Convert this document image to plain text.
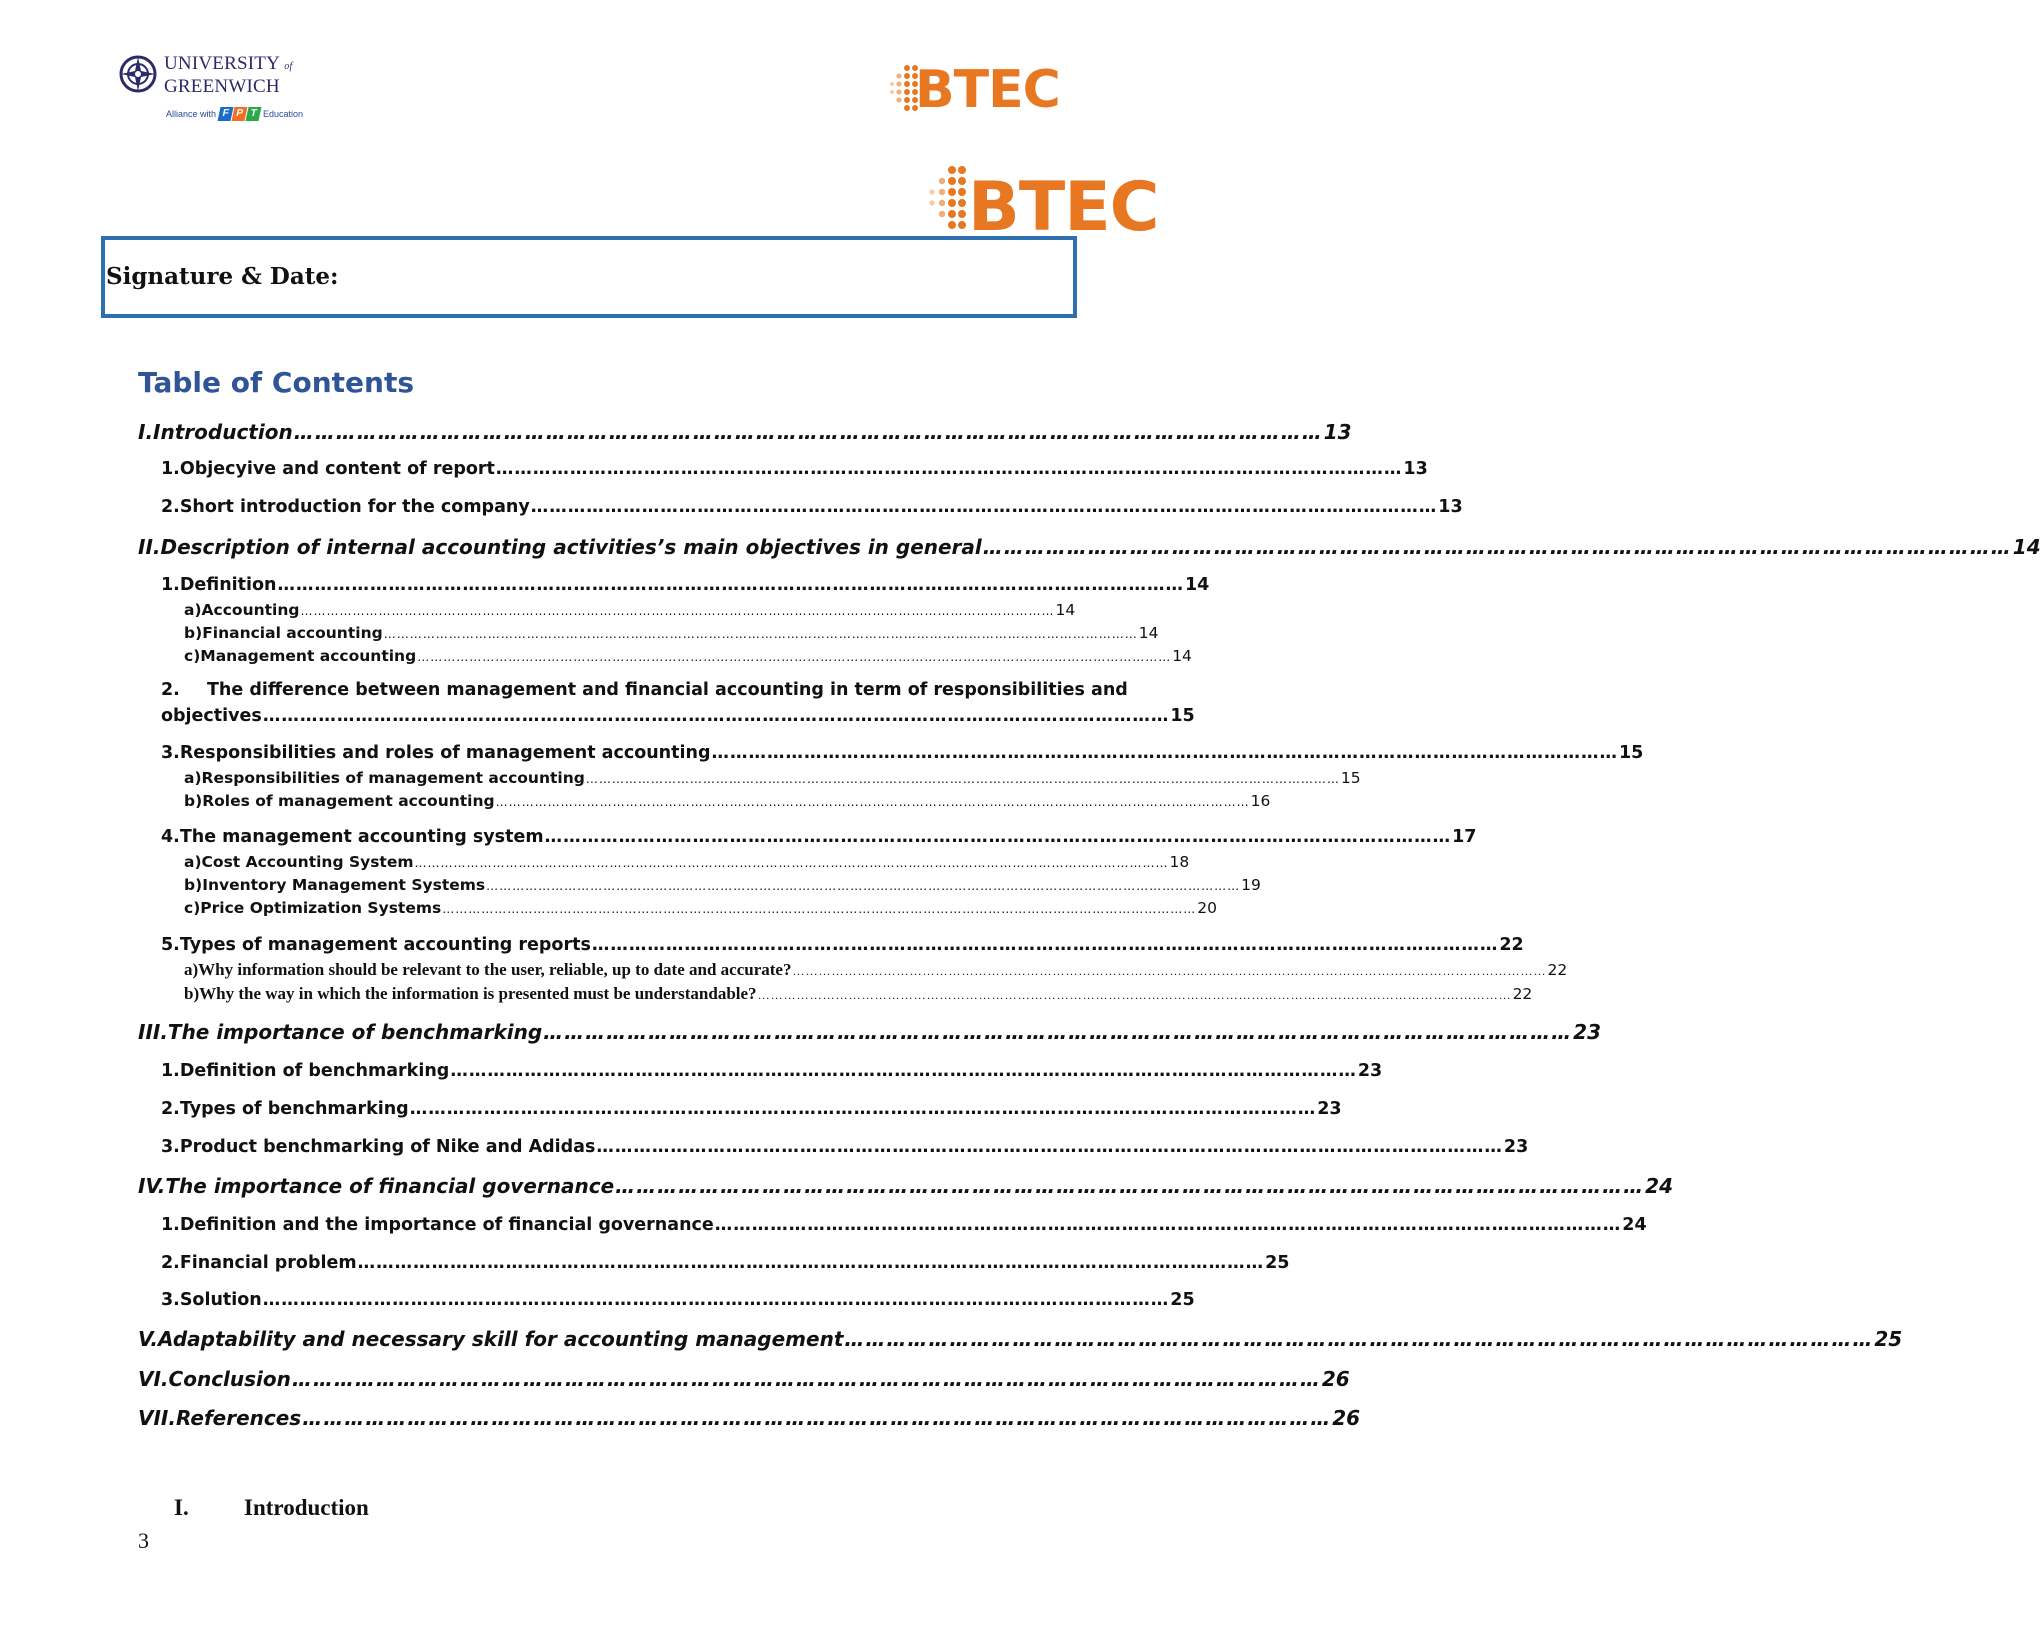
UNIVERSITY of
GREENWICH
Alliance with F P T Education	BTEC
BTEC
Signature & Date:
Table of Contents
I. Introduction ………………………………………………………………………………………………………………………………… 13
1. Objecyive and content of report ………………………………………………………………………………………………………………………………… 13
2. Short introduction for the company ………………………………………………………………………………………………………………………………… 13
II. Description of internal accounting activities’s main objectives in general ………………………………………………………………………………………………………………………………… 14
1. Definition ………………………………………………………………………………………………………………………………… 14
a) Accounting ………………………………………………………………………………………………………………………………………………………… 14
b) Financial accounting ………………………………………………………………………………………………………………………………………………………… 14
c) Management accounting ………………………………………………………………………………………………………………………………………………………… 14
2. The difference between management and financial accounting in term of responsibilities and
objectives ………………………………………………………………………………………………………………………………… 15
3. Responsibilities and roles of management accounting ………………………………………………………………………………………………………………………………… 15
a) Responsibilities of management accounting ………………………………………………………………………………………………………………………………………………………… 15
b) Roles of management accounting ………………………………………………………………………………………………………………………………………………………… 16
4. The management accounting system ………………………………………………………………………………………………………………………………… 17
a) Cost Accounting System ………………………………………………………………………………………………………………………………………………………… 18
b) Inventory Management Systems ………………………………………………………………………………………………………………………………………………………… 19
c) Price Optimization Systems ………………………………………………………………………………………………………………………………………………………… 20
5. Types of management accounting reports ………………………………………………………………………………………………………………………………… 22
a) Why information should be relevant to the user, reliable, up to date and accurate? ………………………………………………………………………………………………………………………………………………………… 22
b) Why the way in which the information is presented must be understandable? ………………………………………………………………………………………………………………………………………………………… 22
III. The importance of benchmarking ………………………………………………………………………………………………………………………………… 23
1. Definition of benchmarking ………………………………………………………………………………………………………………………………… 23
2. Types of benchmarking ………………………………………………………………………………………………………………………………… 23
3. Product benchmarking of Nike and Adidas ………………………………………………………………………………………………………………………………… 23
IV. The importance of financial governance ………………………………………………………………………………………………………………………………… 24
1. Definition and the importance of financial governance ………………………………………………………………………………………………………………………………… 24
2. Financial problem ………………………………………………………………………………………………………………………………… 25
3. Solution ………………………………………………………………………………………………………………………………… 25
V. Adaptability and necessary skill for accounting management ………………………………………………………………………………………………………………………………… 25
VI. Conclusion ………………………………………………………………………………………………………………………………… 26
VII. References ………………………………………………………………………………………………………………………………… 26
I. Introduction
3
